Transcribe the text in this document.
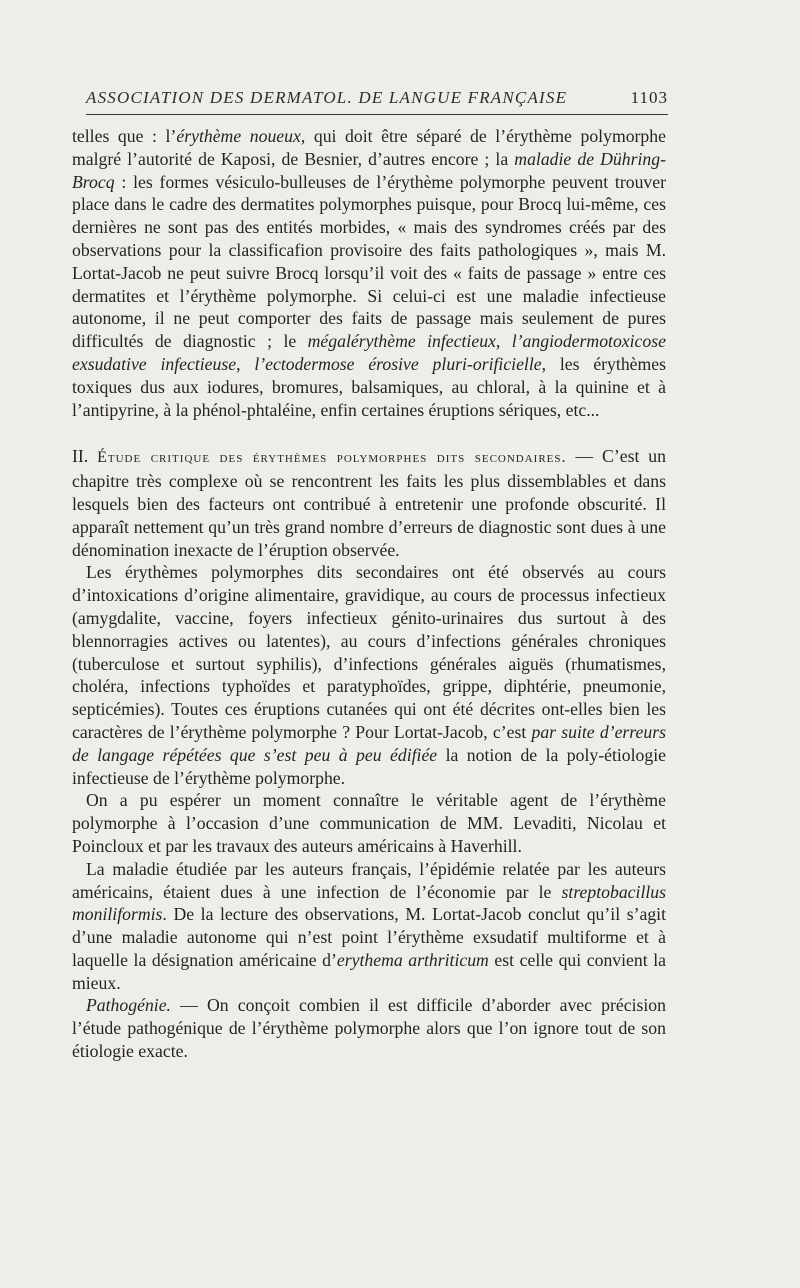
ASSOCIATION DES DERMATOL. DE LANGUE FRANÇAISE	1103

telles que : l’érythème noueux, qui doit être séparé de l’érythème polymorphe malgré l’autorité de Kaposi, de Besnier, d’autres encore ; la maladie de Dühring-Brocq : les formes vésiculo-bulleuses de l’érythème polymorphe peuvent trouver place dans le cadre des dermatites polymorphes puisque, pour Brocq lui-même, ces dernières ne sont pas des entités morbides, « mais des syndromes créés par des observations pour la classificafion provisoire des faits pathologiques », mais M. Lortat-Jacob ne peut suivre Brocq lorsqu’il voit des « faits de passage » entre ces dermatites et l’érythème polymorphe. Si celui-ci est une maladie infectieuse autonome, il ne peut comporter des faits de passage mais seulement de pures difficultés de diagnostic ; le mégalérythème infectieux, l’angiodermotoxicose exsudative infectieuse, l’ectodermose érosive pluri-orificielle, les érythèmes toxiques dus aux iodures, bromures, balsamiques, au chloral, à la quinine et à l’antipyrine, à la phénol-phtaléine, enfin certaines éruptions sériques, etc...

II. Étude critique des érythèmes polymorphes dits secondaires. — C’est un chapitre très complexe où se rencontrent les faits les plus dissemblables et dans lesquels bien des facteurs ont contribué à entretenir une profonde obscurité. Il apparaît nettement qu’un très grand nombre d’erreurs de diagnostic sont dues à une dénomination inexacte de l’éruption observée.

Les érythèmes polymorphes dits secondaires ont été observés au cours d’intoxications d’origine alimentaire, gravidique, au cours de processus infectieux (amygdalite, vaccine, foyers infectieux génito-urinaires dus surtout à des blennorragies actives ou latentes), au cours d’infections générales chroniques (tuberculose et surtout syphilis), d’infections générales aiguës (rhumatismes, choléra, infections typhoïdes et paratyphoïdes, grippe, diphtérie, pneumonie, septicémies). Toutes ces éruptions cutanées qui ont été décrites ont-elles bien les caractères de l’érythème polymorphe ? Pour Lortat-Jacob, c’est par suite d’erreurs de langage répétées que s’est peu à peu édifiée la notion de la poly-étiologie infectieuse de l’érythème polymorphe.

On a pu espérer un moment connaître le véritable agent de l’érythème polymorphe à l’occasion d’une communication de MM. Levaditi, Nicolau et Poincloux et par les travaux des auteurs américains à Haverhill.

La maladie étudiée par les auteurs français, l’épidémie relatée par les auteurs américains, étaient dues à une infection de l’économie par le streptobacillus moniliformis. De la lecture des observations, M. Lortat-Jacob conclut qu’il s’agit d’une maladie autonome qui n’est point l’érythème exsudatif multiforme et à laquelle la désignation américaine d’erythema arthriticum est celle qui convient la mieux.

Pathogénie. — On conçoit combien il est difficile d’aborder avec précision l’étude pathogénique de l’érythème polymorphe alors que l’on ignore tout de son étiologie exacte.
